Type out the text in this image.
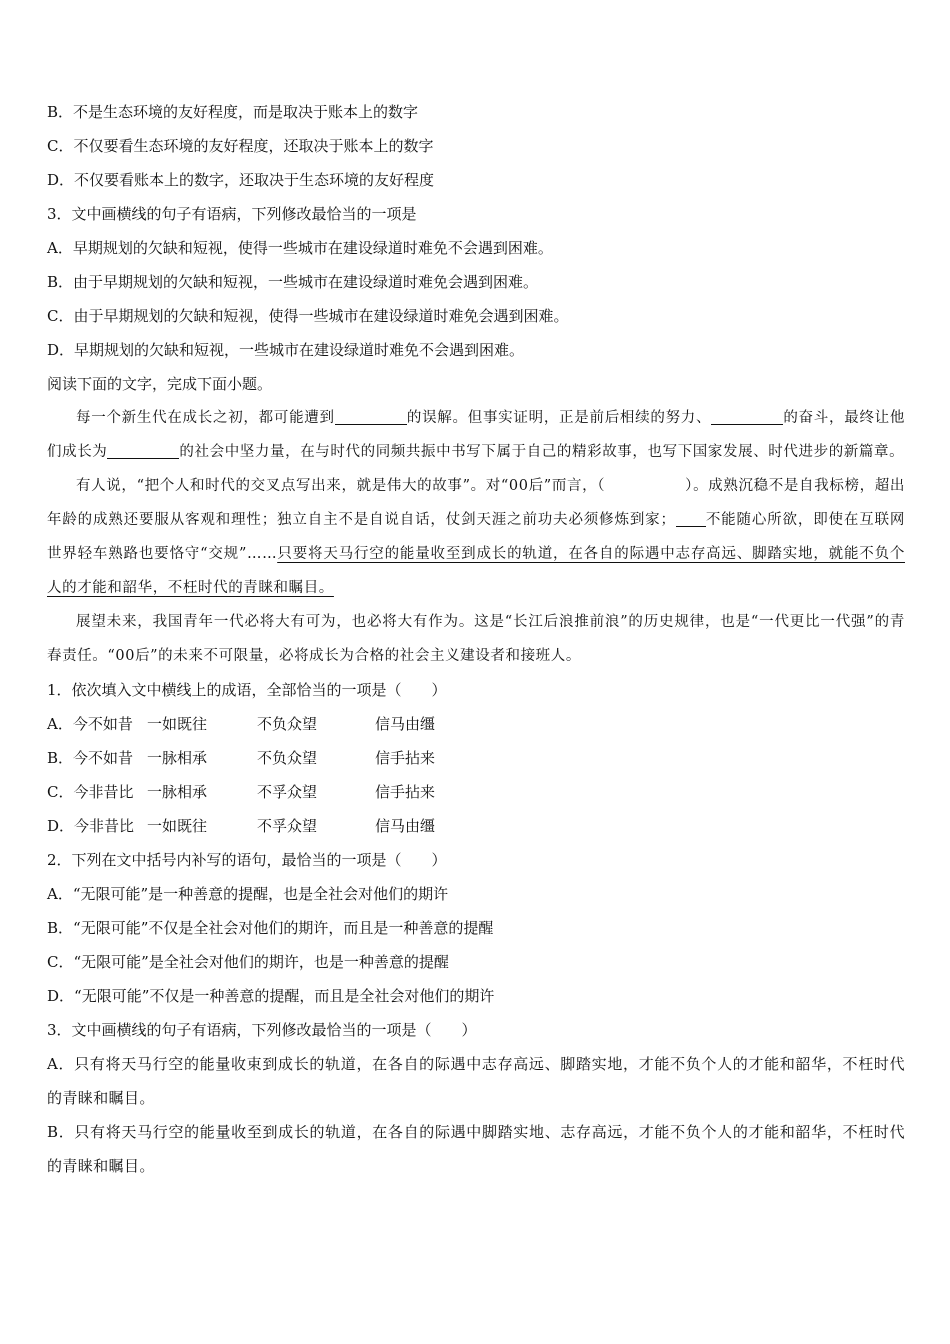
B．不是生态环境的友好程度，而是取决于账本上的数字
C．不仅要看生态环境的友好程度，还取决于账本上的数字
D．不仅要看账本上的数字，还取决于生态环境的友好程度
3．文中画横线的句子有语病，下列修改最恰当的一项是
A．早期规划的欠缺和短视，使得一些城市在建设绿道时难免不会遇到困难。
B．由于早期规划的欠缺和短视，一些城市在建设绿道时难免会遇到困难。
C．由于早期规划的欠缺和短视，使得一些城市在建设绿道时难免会遇到困难。
D．早期规划的欠缺和短视，一些城市在建设绿道时难免不会遇到困难。
阅读下面的文字，完成下面小题。

每一个新生代在成长之初，都可能遭到	的误解。但事实证明，正是前后相续的努力、	的奋斗，最终让他们成长为	的社会中坚力量，在与时代的同频共振中书写下属于自己的精彩故事，也写下国家发展、时代进步的新篇章。

有人说，“把个人和时代的交叉点写出来，就是伟大的故事”。对“00后”而言，（	）。成熟沉稳不是自我标榜，超出年龄的成熟还要服从客观和理性；独立自主不是自说自话，仗剑天涯之前功夫必须修炼到家； 不能随心所欲，即使在互联网世界轻车熟路也要恪守“交规”……只要将天马行空的能量收至到成长的轨道，在各自的际遇中志存高远、脚踏实地，就能不负个人的才能和韶华，不枉时代的青睐和瞩目。

展望未来，我国青年一代必将大有可为，也必将大有作为。这是“长江后浪推前浪”的历史规律，也是“一代更比一代强”的青春责任。“00后”的未来不可限量，必将成长为合格的社会主义建设者和接班人。

1．依次填入文中横线上的成语，全部恰当的一项是（　　）
A．今不如昔 一如既往	不负众望	信马由缰
B．今不如昔 一脉相承	不负众望	信手拈来
C．今非昔比 一脉相承	不孚众望	信手拈来
D．今非昔比 一如既往	不孚众望	信马由缰
2．下列在文中括号内补写的语句，最恰当的一项是（　　）
A．“无限可能”是一种善意的提醒，也是全社会对他们的期许
B．“无限可能”不仅是全社会对他们的期许，而且是一种善意的提醒
C．“无限可能”是全社会对他们的期许，也是一种善意的提醒
D．“无限可能”不仅是一种善意的提醒，而且是全社会对他们的期许
3．文中画横线的句子有语病，下列修改最恰当的一项是（　　）
A．只有将天马行空的能量收束到成长的轨道，在各自的际遇中志存高远、脚踏实地，才能不负个人的才能和韶华，不枉时代的青睐和瞩目。
B．只有将天马行空的能量收至到成长的轨道，在各自的际遇中脚踏实地、志存高远，才能不负个人的才能和韶华，不枉时代的青睐和瞩目。
